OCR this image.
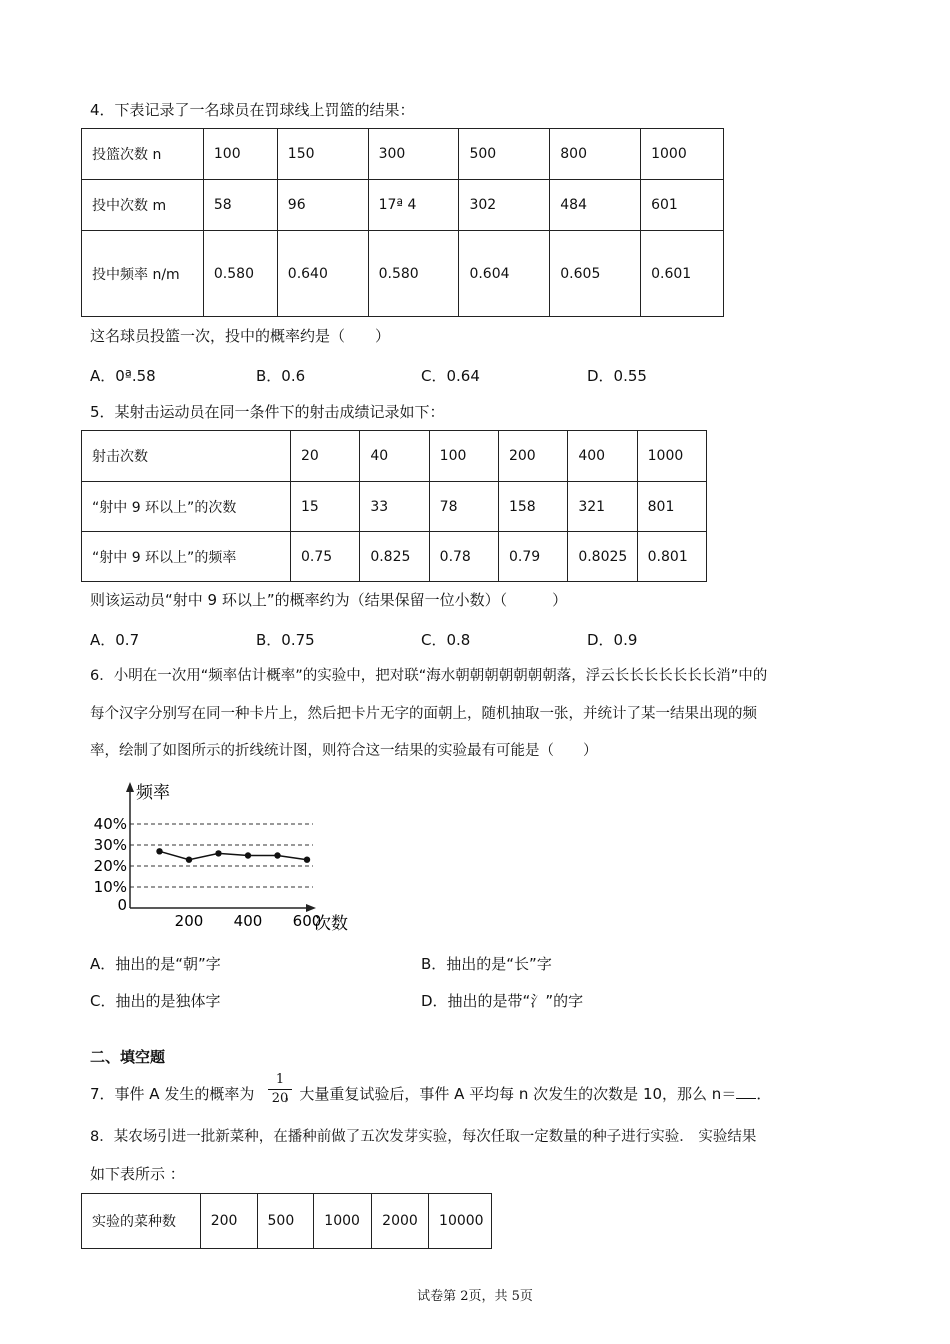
4．下表记录了一名球员在罚球线上罚篮的结果：
投篮次数 n	100	150	300	500	800	1000
投中次数 m	58	96	17ª 4	302	484	601
投中频率 n/m	0.580	0.640	0.580	0.604	0.605	0.601
这名球员投篮一次，投中的概率约是（　　）
A．0ª.58	B．0.6	C．0.64	D．0.55
5．某射击运动员在同一条件下的射击成绩记录如下：
射击次数	20	40	100	200	400	1000
“射中 9 环以上”的次数	15	33	78	158	321	801
“射中 9 环以上”的频率	0.75	0.825	0.78	0.79	0.8025	0.801
则该运动员“射中 9 环以上”的概率约为（结果保留一位小数）（　　　）
A．0.7	B．0.75	C．0.8	D．0.9
6．小明在一次用“频率估计概率”的实验中，把对联“海水朝朝朝朝朝朝朝落，浮云长长长长长长长消”中的
每个汉字分别写在同一种卡片上，然后把卡片无字的面朝上，随机抽取一张，并统计了某一结果出现的频
率，绘制了如图所示的折线统计图，则符合这一结果的实验最有可能是（　　）
频率
次数
0
10%
20%
30%
40%
200 400 600
A．抽出的是“朝”字	B．抽出的是“长”字
C．抽出的是独体字	D．抽出的是带“氵”的字
二、填空题
7．事件 A 发生的概率为 ，大量重复试验后，事件 A 平均每 n 次发生的次数是 10，那么 n＝ ．
1
20
8．某农场引进一批新菜种，在播种前做了五次发芽实验，每次任取一定数量的种子进行实验． 实验结果
如下表所示 ：
实验的菜种数	200	500	1000	2000	10000
试卷第 2页，共 5页
